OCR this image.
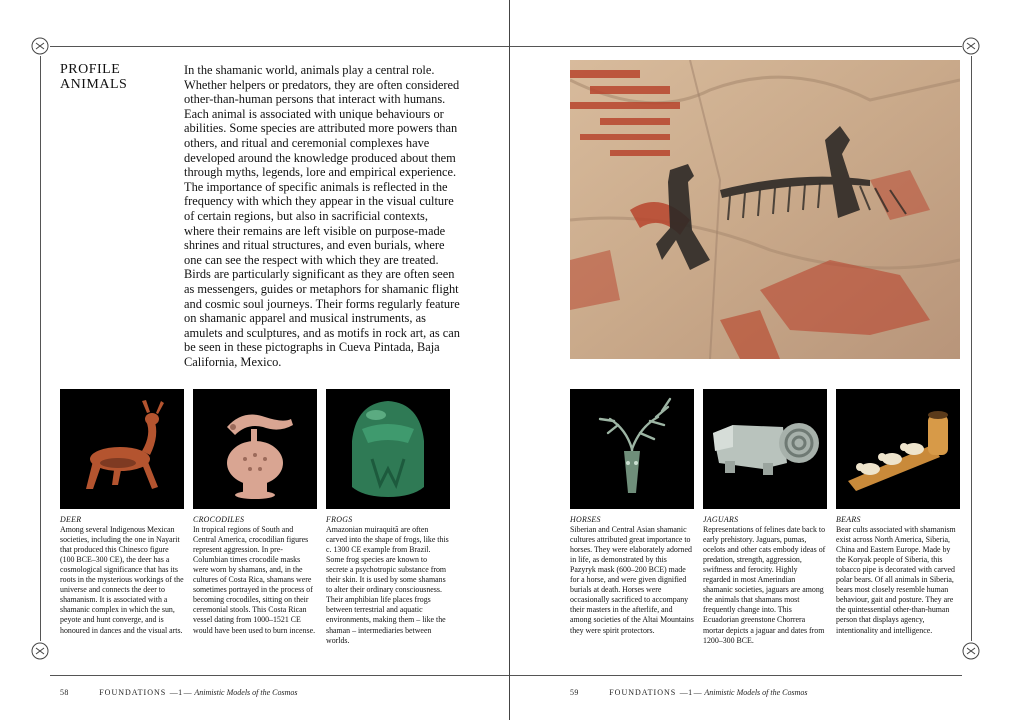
PROFILE
ANIMALS
In the shamanic world, animals play a central role. Whether helpers or predators, they are often considered other-than-human persons that interact with humans. Each animal is associated with unique behaviours or abilities. Some species are attributed more powers than others, and ritual and ceremonial complexes have developed around the knowledge produced about them through myths, legends, lore and empirical experience. The importance of specific animals is reflected in the frequency with which they appear in the visual culture of certain regions, but also in sacrificial contexts, where their remains are left visible on purpose-made shrines and ritual structures, and even burials, where one can see the respect with which they are treated. Birds are particularly significant as they are often seen as messengers, guides or metaphors for shamanic flight and cosmic soul journeys. Their forms regularly feature on shamanic apparel and musical instruments, as amulets and sculptures, and as motifs in rock art, as can be seen in these pictographs in Cueva Pintada, Baja California, Mexico.
DEER
Among several Indigenous Mexican societies, including the one in Nayarit that produced this Chinesco figure (100 BCE–300 CE), the deer has a cosmological significance that has its roots in the mysterious workings of the universe and connects the deer to shamanism. It is associated with a shamanic complex in which the sun, peyote and hunt converge, and is honoured in dances and the visual arts.
CROCODILES
In tropical regions of South and Central America, crocodilian figures represent aggression. In pre-Columbian times crocodile masks were worn by shamans, and, in the cultures of Costa Rica, shamans were sometimes portrayed in the process of becoming crocodiles, sitting on their ceremonial stools. This Costa Rican vessel dating from 1000–1521 CE would have been used to burn incense.
FROGS
Amazonian muiraquitã are often carved into the shape of frogs, like this c. 1300 CE example from Brazil. Some frog species are known to secrete a psychotropic substance from their skin. It is used by some shamans to alter their ordinary consciousness. Their amphibian life places frogs between terrestrial and aquatic environments, making them – like the shaman – intermediaries between worlds.
58	FOUNDATIONS  —1 — Animistic Models of the Cosmos
HORSES
Siberian and Central Asian shamanic cultures attributed great importance to horses. They were elaborately adorned in life, as demonstrated by this Pazyryk mask (600–200 BCE) made for a horse, and were given dignified burials at death. Horses were occasionally sacrificed to accompany their masters in the afterlife, and among societies of the Altai Mountains they were spirit protectors.
JAGUARS
Representations of felines date back to early prehistory. Jaguars, pumas, ocelots and other cats embody ideas of predation, strength, aggression, swiftness and ferocity. Highly regarded in most Amerindian shamanic societies, jaguars are among the animals that shamans most frequently change into. This Ecuadorian greenstone Chorrera mortar depicts a jaguar and dates from 1200–300 BCE.
BEARS
Bear cults associated with shamanism exist across North America, Siberia, China and Eastern Europe. Made by the Koryak people of Siberia, this tobacco pipe is decorated with carved polar bears. Of all animals in Siberia, bears most closely resemble human behaviour, gait and posture. They are the quintessential other-than-human person that displays agency, intentionality and intelligence.
59	FOUNDATIONS  —1 — Animistic Models of the Cosmos
